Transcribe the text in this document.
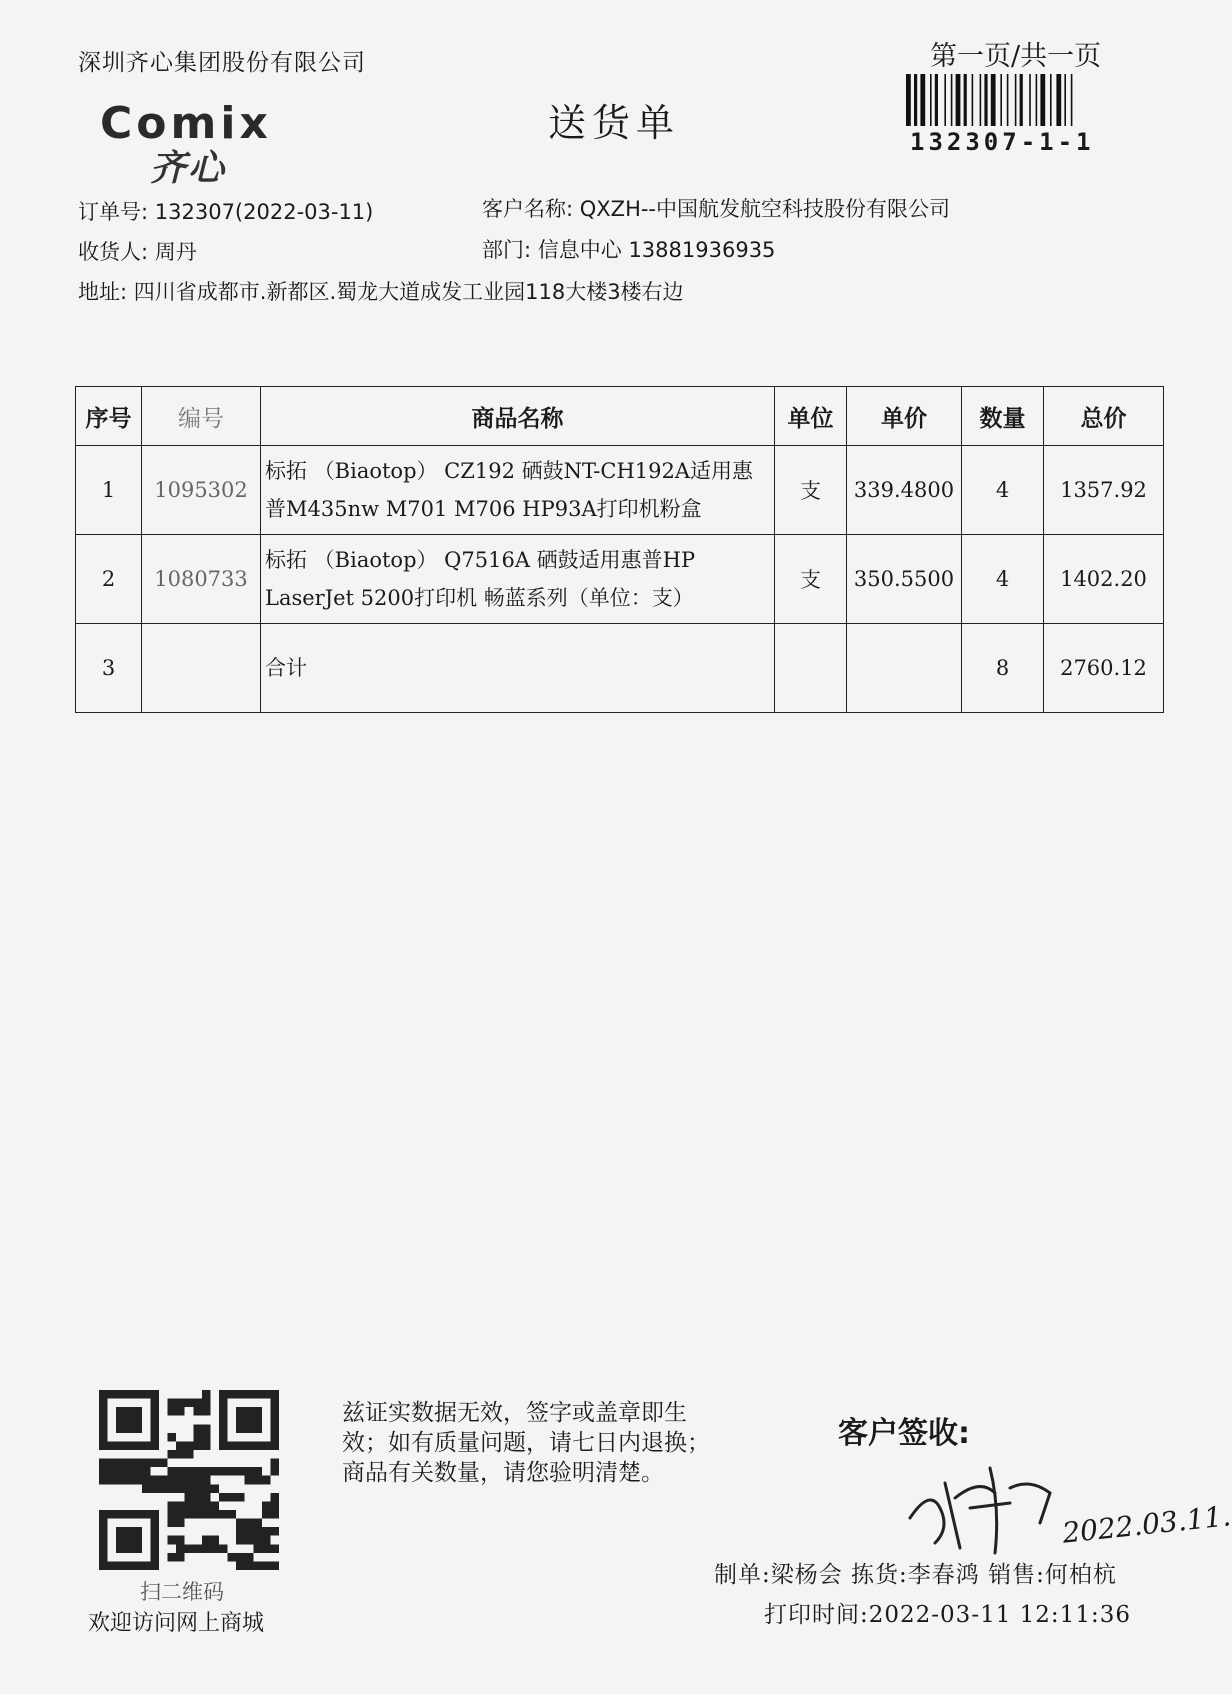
深圳齐心集团股份有限公司
Comix
齐心
送货单
第一页/共一页
132307-1-1
订单号: 132307(2022-03-11)	客户名称: QXZH--中国航发航空科技股份有限公司
收货人: 周丹	部门: 信息中心 13881936935
地址: 四川省成都市.新都区.蜀龙大道成发工业园118大楼3楼右边
序号	编号	商品名称	单位	单价	数量	总价
1	1095302	标拓 （Biaotop） CZ192 硒鼓NT-CH192A适用惠普M435nw M701 M706 HP93A打印机粉盒	支	339.4800	4	1357.92
2	1080733	标拓 （Biaotop） Q7516A 硒鼓适用惠普HP LaserJet 5200打印机 畅蓝系列（单位：支）	支	350.5500	4	1402.20
3		合计			8	2760.12
扫二维码
欢迎访问网上商城
兹证实数据无效，签字或盖章即生
效；如有质量问题，请七日内退换；
商品有关数量，请您验明清楚。
客户签收:
2022.03.11.
制单:梁杨会 拣货:李春鸿 销售:何柏杭
打印时间:2022-03-11 12:11:36
